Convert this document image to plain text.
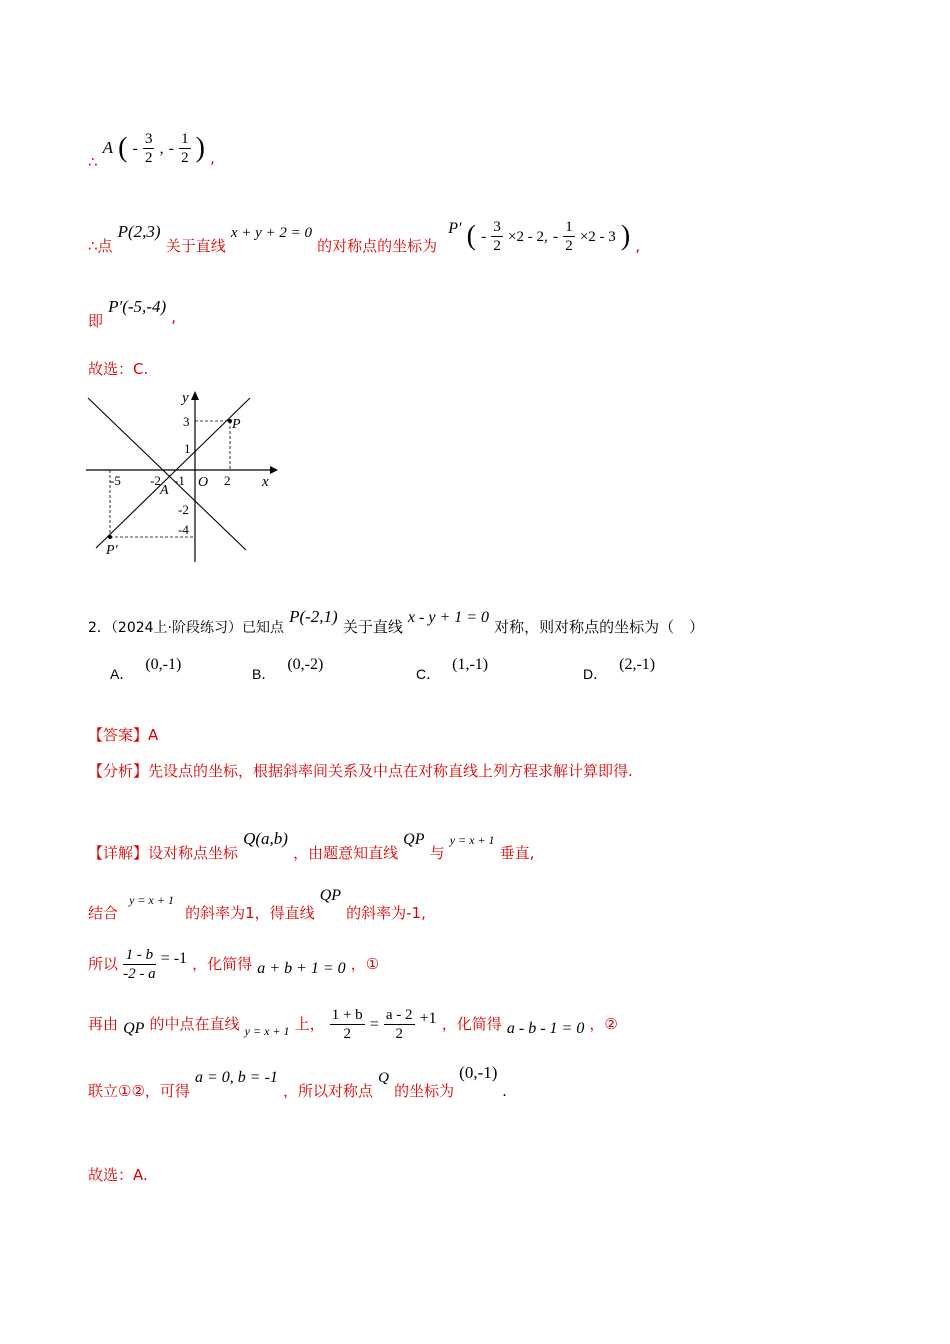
∴ A ( - $\frac{3}{2}$ , - $\frac{1}{2}$ ) ,
∴点 P(2,3) 关于直线 x + y + 2 = 0 的对称点的坐标为 P′ ( - $\frac{3}{2} \times 2 - 2$, - $\frac{1}{2} \times 2 - 3$ ) ,
即 P′(-5,-4) ,
故选：C.
x
y
O
3
1
2
-5 -2 -1
-2
-4
P
A
P′
2．（2024上·阶段练习）已知点 P(-2,1) 关于直线 x - y + 1 = 0 对称，则对称点的坐标为（　）
A．(0,-1)
B．(0,-2)
C．(1,-1)
D．(2,-1)
【答案】A
【分析】先设点的坐标，根据斜率间关系及中点在对称直线上列方程求解计算即得.
【详解】设对称点坐标 Q(a,b) ，由题意知直线 QP 与 y = x + 1 垂直,
结合 y = x + 1 的斜率为1，得直线 QP 的斜率为-1,
所以 $\frac{1 - b}{-2 - a} = -1$ ，化简得 a + b + 1 = 0 ，①
再由 QP 的中点在直线 $_{y = x + 1}$ 上， $\frac{1 + b}{2} = \frac{a - 2}{2} +1$ ，化简得 a - b - 1 = 0 ，②
联立①②，可得 a = 0, b = -1 ，所以对称点 Q 的坐标为 (0,-1) .
故选：A.
